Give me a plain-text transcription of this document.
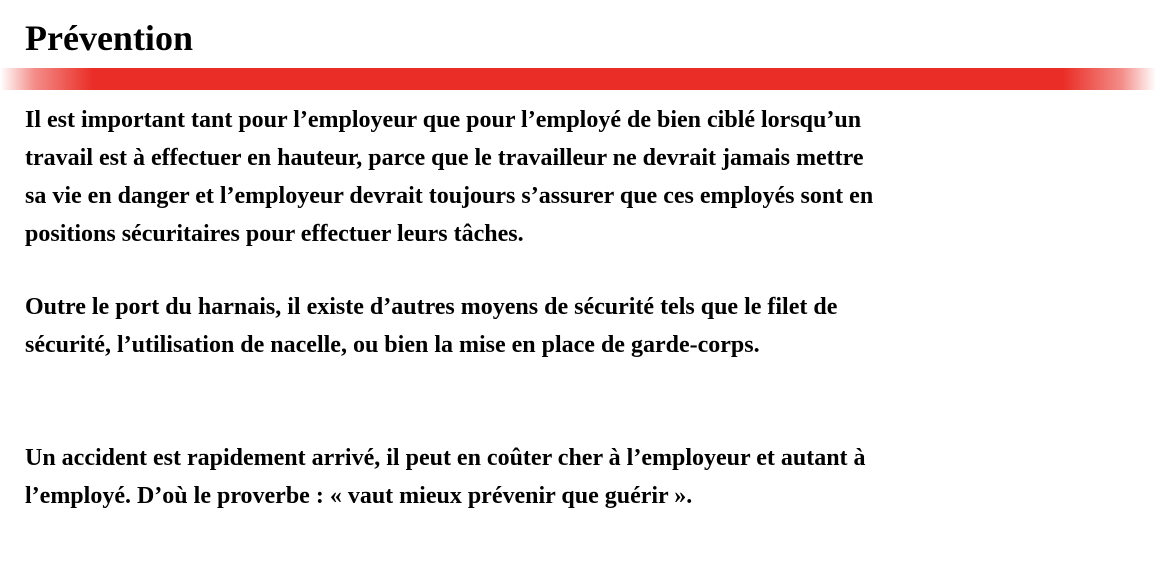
Prévention

Il est important tant pour l’employeur que pour l’employé de bien ciblé lorsqu’un
travail est à effectuer en hauteur, parce que le travailleur ne devrait jamais mettre
sa vie en danger et l’employeur devrait toujours s’assurer que ces employés sont en
positions sécuritaires pour effectuer leurs tâches.

Outre le port du harnais, il existe d’autres moyens de sécurité tels que le filet de
sécurité, l’utilisation de nacelle, ou bien la mise en place de garde-corps.

Un accident est rapidement arrivé, il peut en coûter cher à l’employeur et autant à
l’employé. D’où le proverbe : « vaut mieux prévenir que guérir ».
